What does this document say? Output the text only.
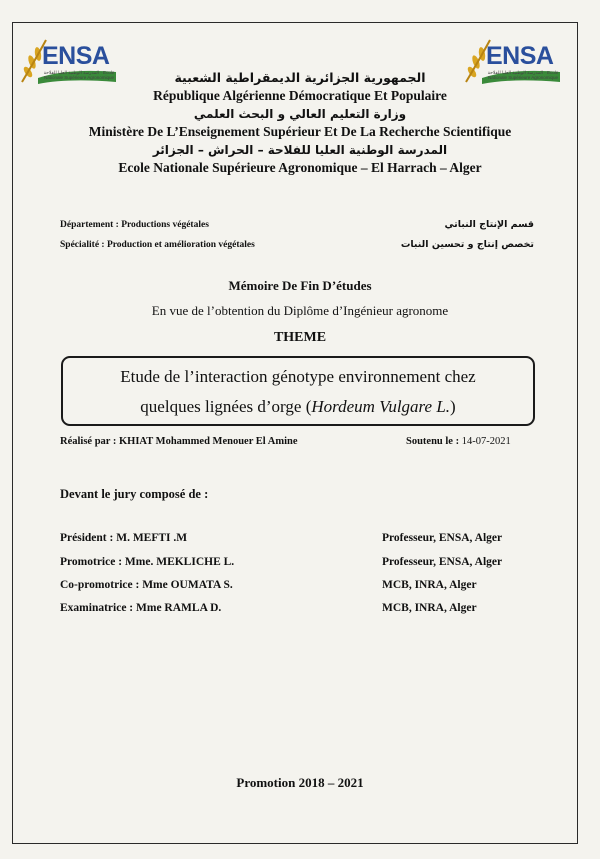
ENSA
المدرسة الوطنية العليا للفلاحة · Ecole Nationale Supérieure Agronomique
ENSA
المدرسة الوطنية العليا للفلاحة · Ecole Nationale Supérieure Agronomique
الجمهورية الجزائرية الديمقراطية الشعبية
République Algérienne Démocratique Et Populaire
وزارة التعليم العالي و البحث العلمي
Ministère De L’Enseignement Supérieur Et De La Recherche Scientifique
المدرسة الوطنية العليا للفلاحة – الحراش – الجزائر
Ecole Nationale Supérieure Agronomique – El Harrach – Alger
Département : Productions végétales	قسم الإنتاج النباتي
Spécialité : Production et amélioration végétales	تخصص إنتاج و تحسين النبات
Mémoire De Fin D’études
En vue de l’obtention du Diplôme d’Ingénieur agronome
THEME
Etude de l’interaction génotype environnement chez
quelques lignées d’orge (Hordeum Vulgare L.)
Réalisé par : KHIAT Mohammed Menouer El Amine	Soutenu le : 14-07-2021
Devant le jury composé de :
Président : M. MEFTI .M	Professeur, ENSA, Alger
Promotrice : Mme. MEKLICHE L.	Professeur, ENSA, Alger
Co-promotrice : Mme OUMATA S.	MCB, INRA, Alger
Examinatrice : Mme RAMLA D.	MCB, INRA, Alger
Promotion 2018 – 2021
